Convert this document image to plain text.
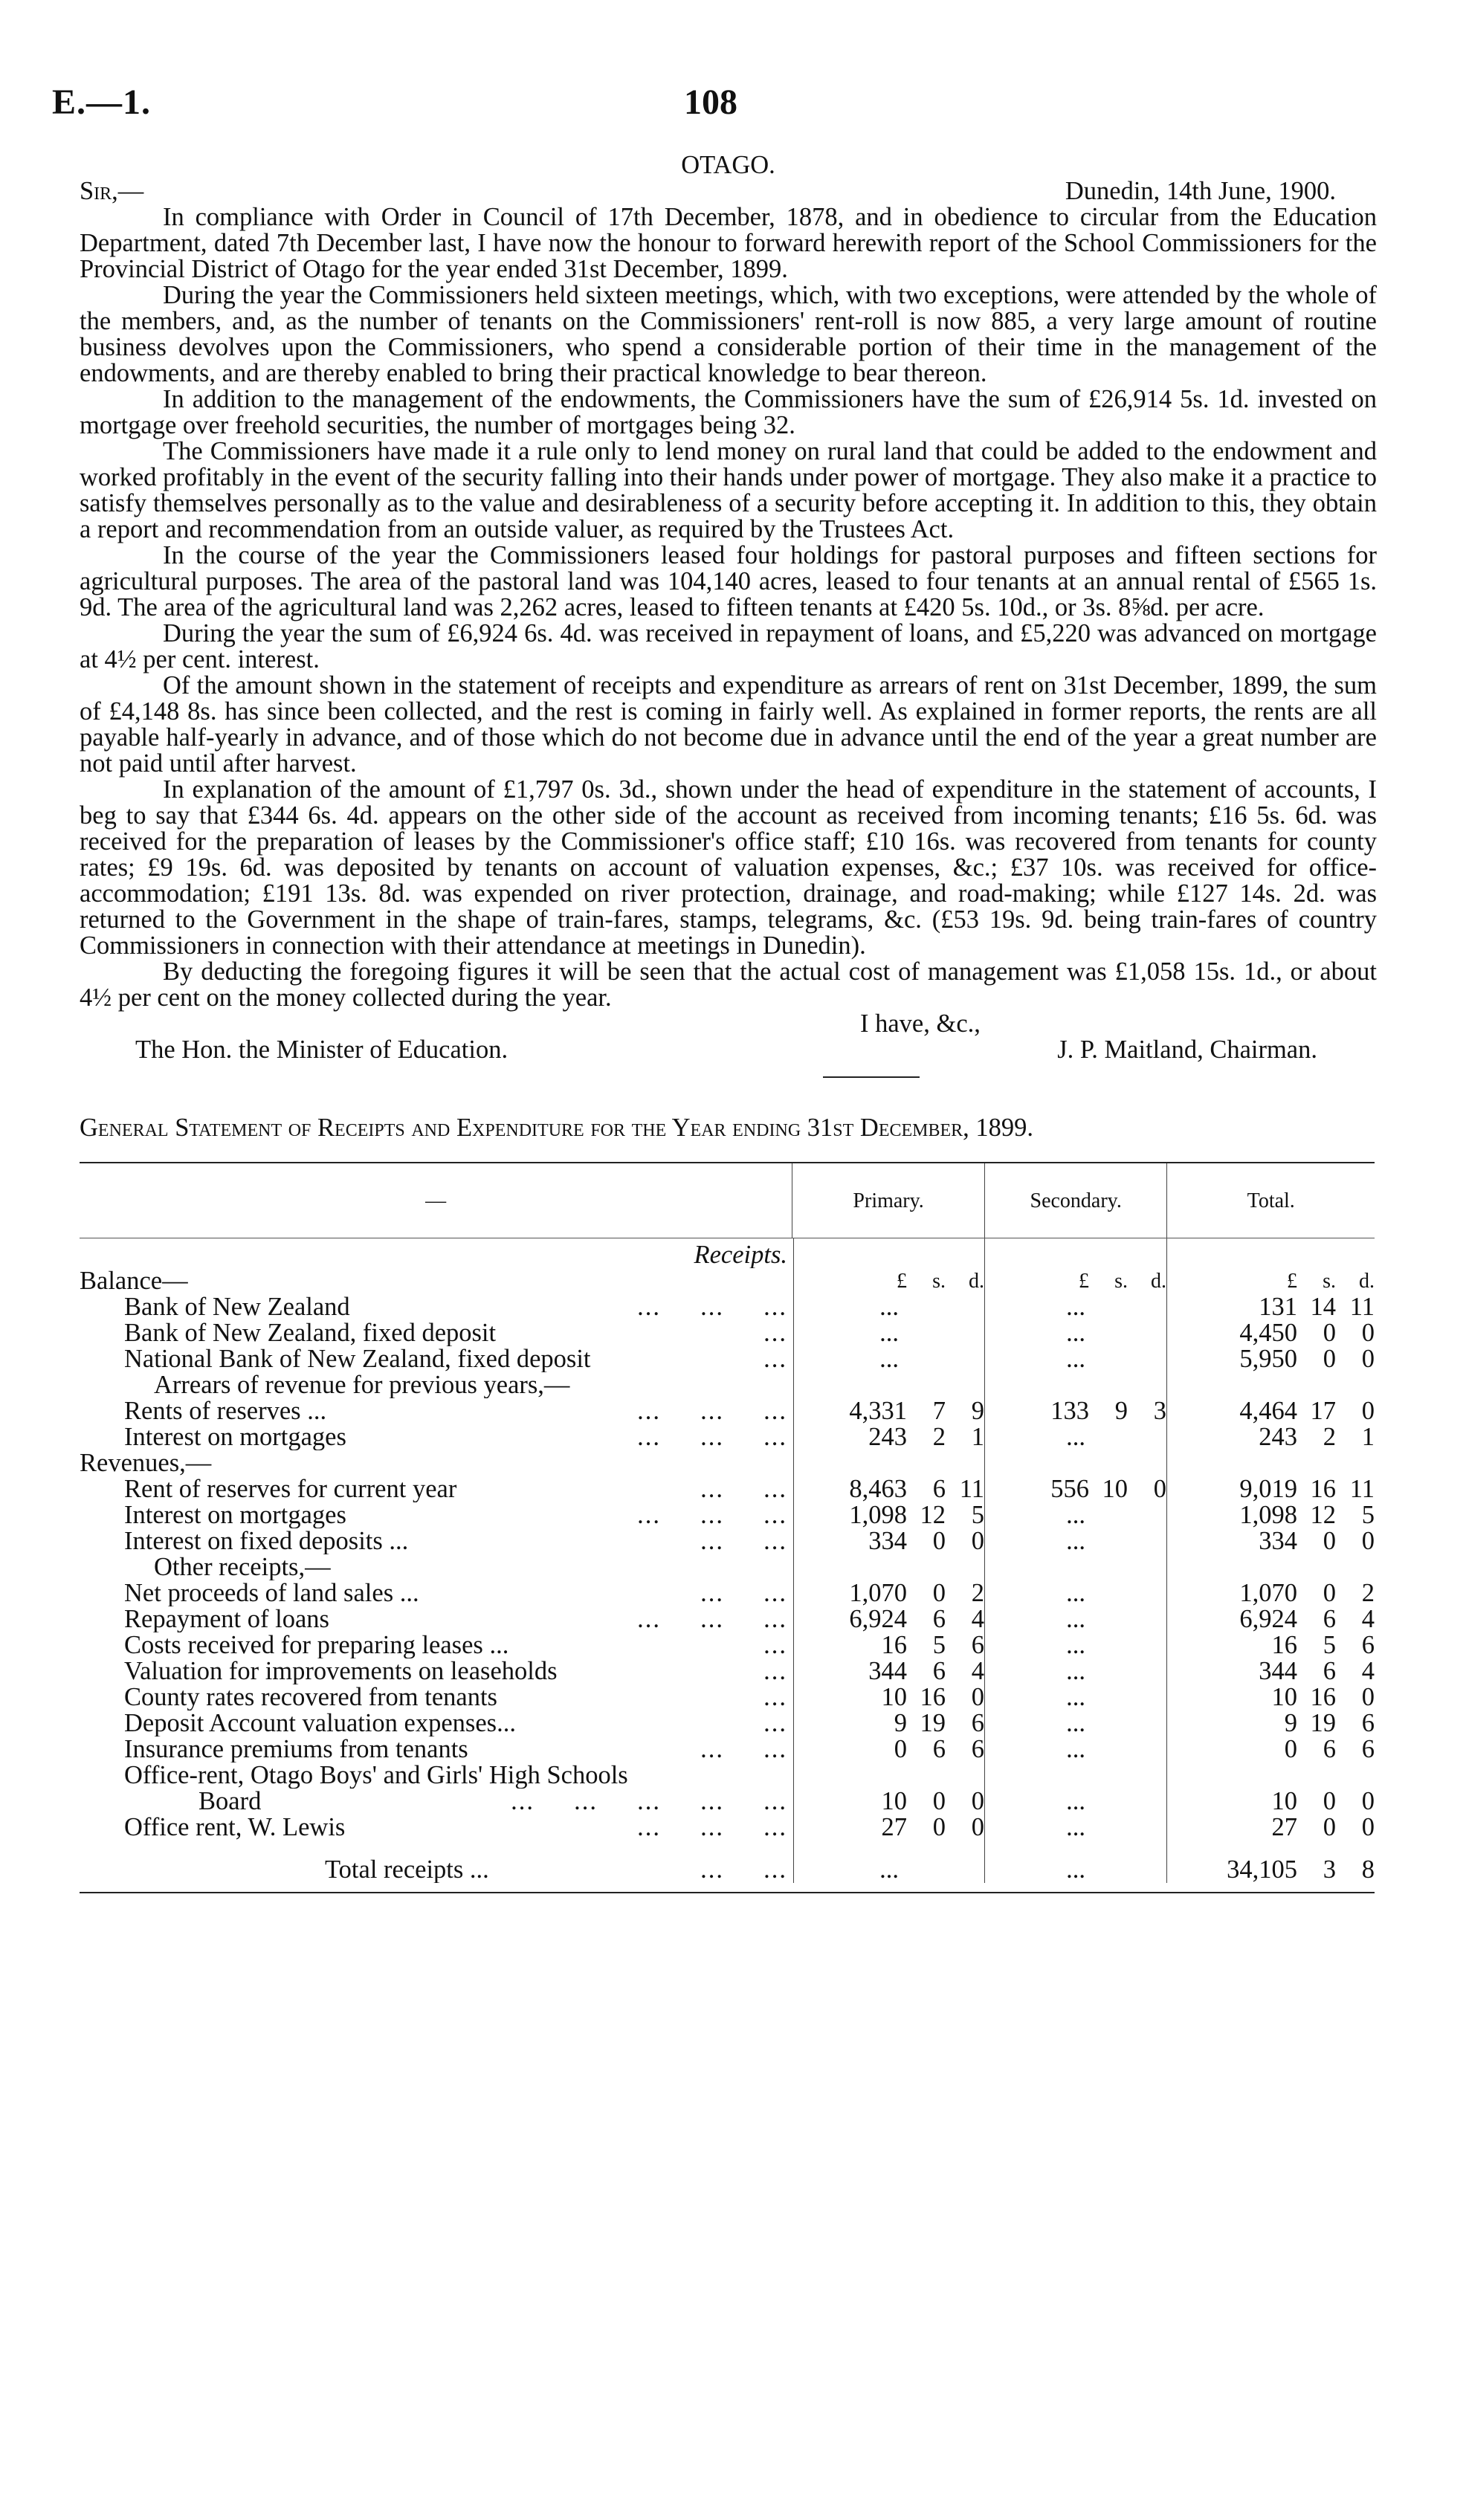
E.—1.	108
OTAGO.
Sir,—	Dunedin, 14th June, 1900.

In compliance with Order in Council of 17th December, 1878, and in obedience to circular from the Education Department, dated 7th December last, I have now the honour to forward herewith report of the School Commissioners for the Provincial District of Otago for the year ended 31st December, 1899.

During the year the Commissioners held sixteen meetings, which, with two exceptions, were attended by the whole of the members, and, as the number of tenants on the Commissioners' rent-roll is now 885, a very large amount of routine business devolves upon the Commissioners, who spend a considerable portion of their time in the management of the endowments, and are thereby enabled to bring their practical knowledge to bear thereon.

In addition to the management of the endowments, the Commissioners have the sum of £26,914 5s. 1d. invested on mortgage over freehold securities, the number of mortgages being 32.

The Commissioners have made it a rule only to lend money on rural land that could be added to the endowment and worked profitably in the event of the security falling into their hands under power of mortgage. They also make it a practice to satisfy themselves personally as to the value and desirableness of a security before accepting it. In addition to this, they obtain a report and recommendation from an outside valuer, as required by the Trustees Act.

In the course of the year the Commissioners leased four holdings for pastoral purposes and fifteen sections for agricultural purposes. The area of the pastoral land was 104,140 acres, leased to four tenants at an annual rental of £565 1s. 9d. The area of the agricultural land was 2,262 acres, leased to fifteen tenants at £420 5s. 10d., or 3s. 8⅝d. per acre.

During the year the sum of £6,924 6s. 4d. was received in repayment of loans, and £5,220 was advanced on mortgage at 4½ per cent. interest.

Of the amount shown in the statement of receipts and expenditure as arrears of rent on 31st December, 1899, the sum of £4,148 8s. has since been collected, and the rest is coming in fairly well. As explained in former reports, the rents are all payable half-yearly in advance, and of those which do not become due in advance until the end of the year a great number are not paid until after harvest.

In explanation of the amount of £1,797 0s. 3d., shown under the head of expenditure in the statement of accounts, I beg to say that £344 6s. 4d. appears on the other side of the account as received from incoming tenants; £16 5s. 6d. was received for the preparation of leases by the Commissioner's office staff; £10 16s. was recovered from tenants for county rates; £9 19s. 6d. was deposited by tenants on account of valuation expenses, &c.; £37 10s. was received for office-accommodation; £191 13s. 8d. was expended on river protection, drainage, and road-making; while £127 14s. 2d. was returned to the Government in the shape of train-fares, stamps, telegrams, &c. (£53 19s. 9d. being train-fares of country Commissioners in connection with their attendance at meetings in Dunedin).

By deducting the foregoing figures it will be seen that the actual cost of management was £1,058 15s. 1d., or about 4½ per cent on the money collected during the year.

I have, &c.,
The Hon. the Minister of Education.	J. P. Maitland, Chairman.
General Statement of Receipts and Expenditure for the Year ending 31st December, 1899.
—	Primary.	Secondary.	Total.
Receipts.
Balance—	£	s.	d.	£	s.	d.	£	s.	d.
Bank of New Zealand	...     ...     ...	...	...	131 14 11
Bank of New Zealand, fixed deposit	...	...	...	4,450	0	0
National Bank of New Zealand, fixed deposit	...	...	...	5,950	0	0
Arrears of revenue for previous years,—
Rents of reserves ...	...     ...     ...	4,331	7	9	133	9	3	4,464 17	0
Interest on mortgages	...     ...     ...	243	2	1	...	243	2	1
Revenues,—
Rent of reserves for current year	...     ...	8,463	6 11	556 10	0	9,019 16 11
Interest on mortgages	...     ...     ...	1,098 12	5	...	1,098 12	5
Interest on fixed deposits ...	...     ...	334	0	0	...	334	0	0
Other receipts,—
Net proceeds of land sales ...	...     ...	1,070	0	2	...	1,070	0	2
Repayment of loans	...     ...     ...	6,924	6	4	...	6,924	6	4
Costs received for preparing leases ...	...	16	5	6	...	16	5	6
Valuation for improvements on leaseholds	...	344	6	4	...	344	6	4
County rates recovered from tenants	...	10 16	0	...	10 16	0
Deposit Account valuation expenses...	...	9 19	6	...	9 19	6
Insurance premiums from tenants	...     ...	0	6	6	...	0	6	6
Office-rent, Otago Boys' and Girls' High Schools
Board	...     ...     ...     ...     ...	10	0	0	...	10	0	0
Office rent, W. Lewis	...     ...     ...	27	0	0	...	27	0	0
Total receipts ...	...     ...	...	...	34,105	3	8
